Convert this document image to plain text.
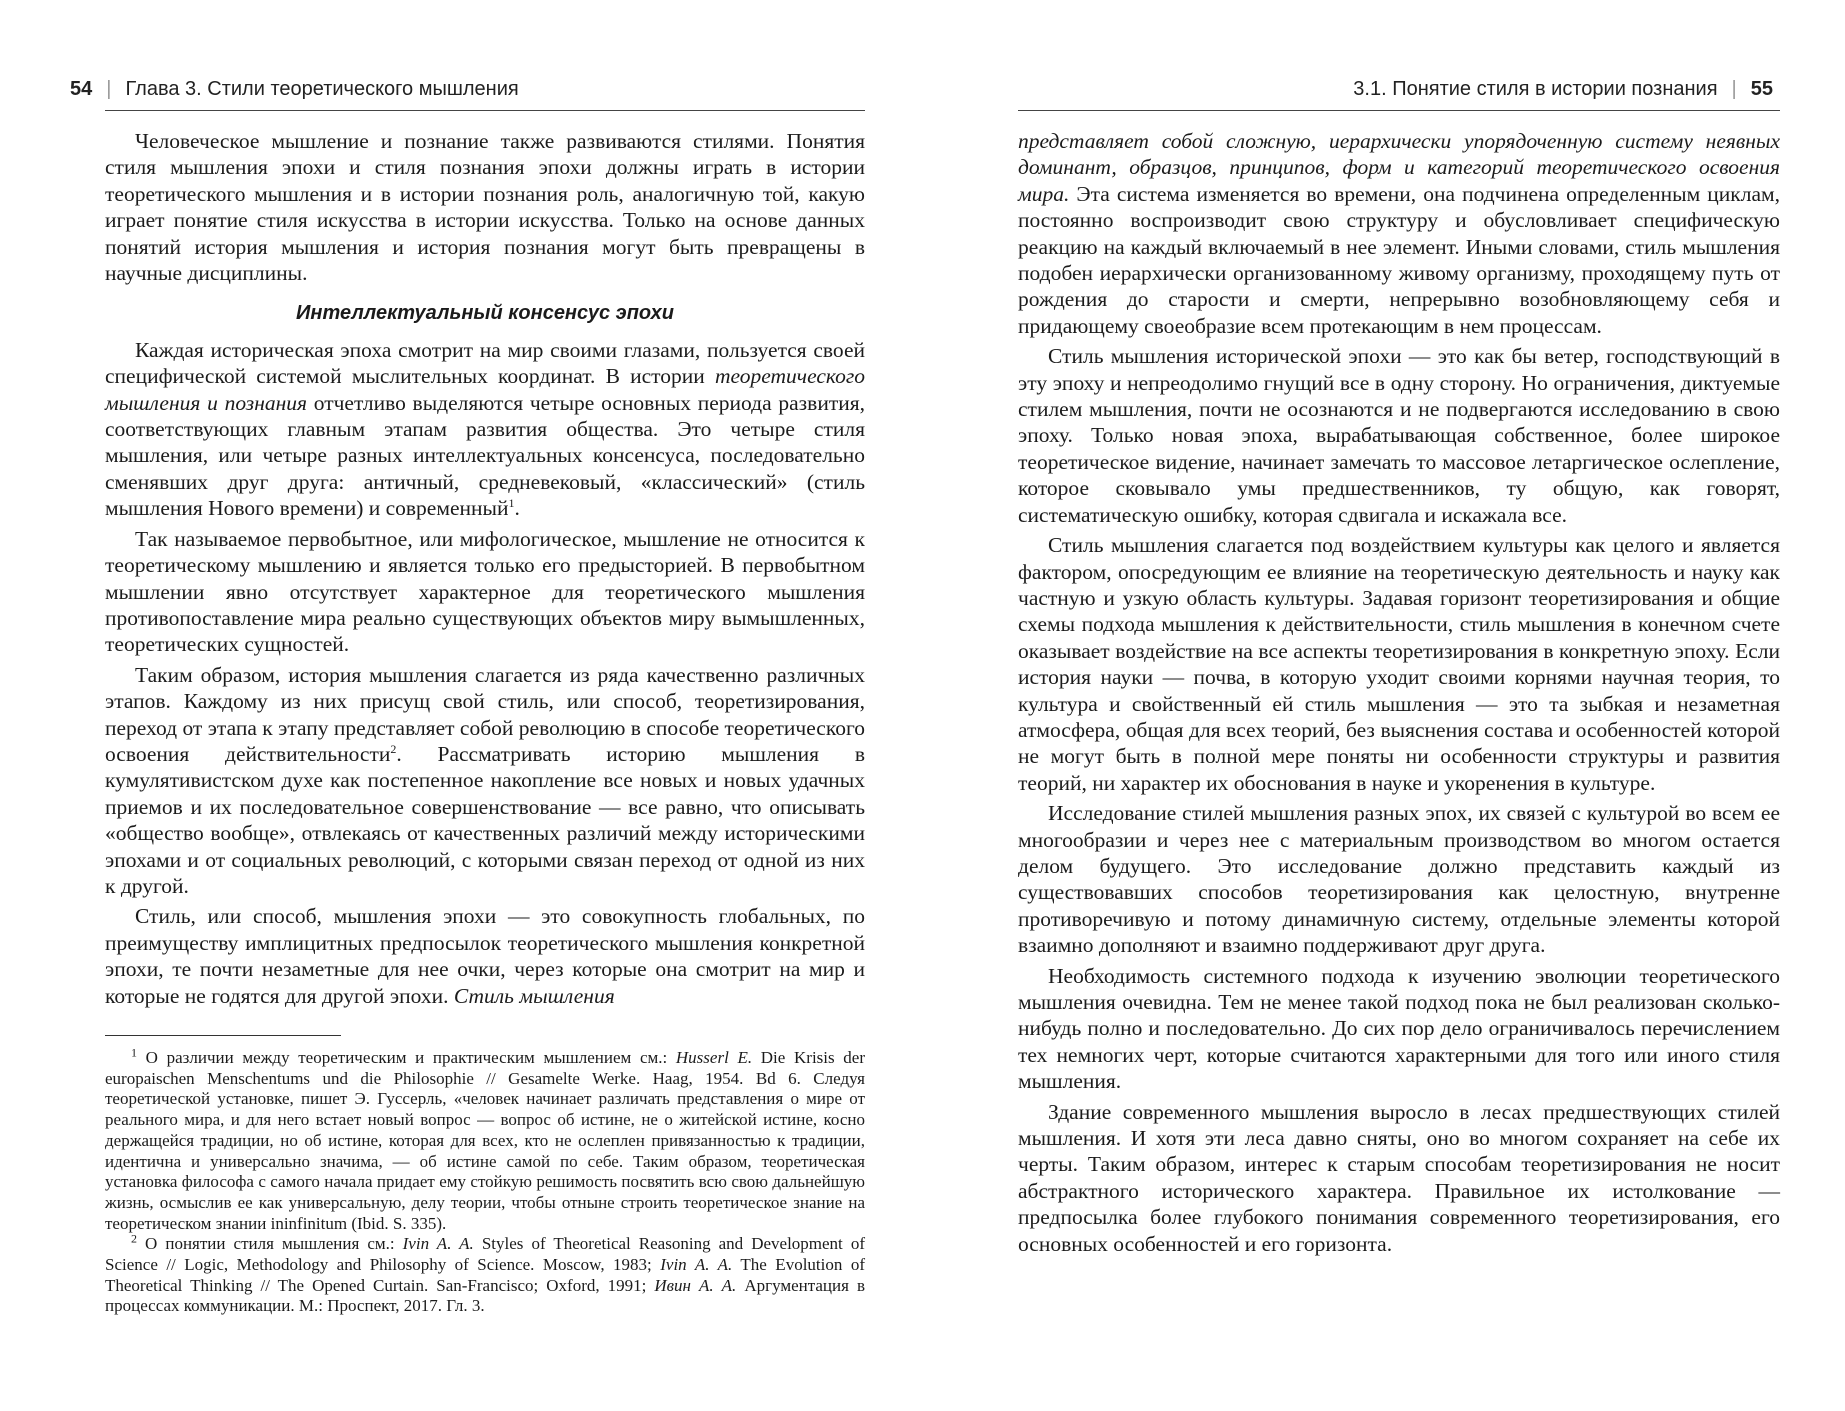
54 | Глава 3. Стили теоретического мышления

Человеческое мышление и познание также развиваются стилями. Понятия стиля мышления эпохи и стиля познания эпохи должны играть в истории теоретического мышления и в истории познания роль, аналогичную той, какую играет понятие стиля искусства в истории искусства. Только на основе данных понятий история мышления и история познания могут быть превращены в научные дисциплины.

Интеллектуальный консенсус эпохи

Каждая историческая эпоха смотрит на мир своими глазами, пользуется своей специфической системой мыслительных координат. В истории теоретического мышления и познания отчетливо выделяются четыре основных периода развития, соответствующих главным этапам развития общества. Это четыре стиля мышления, или четыре разных интеллектуальных консенсуса, последовательно сменявших друг друга: античный, средневековый, «классический» (стиль мышления Нового времени) и современный$^1$.

Так называемое первобытное, или мифологическое, мышление не относится к теоретическому мышлению и является только его предысторией. В первобытном мышлении явно отсутствует характерное для теоретического мышления противопоставление мира реально существующих объектов миру вымышленных, теоретических сущностей.

Таким образом, история мышления слагается из ряда качественно различных этапов. Каждому из них присущ свой стиль, или способ, теоретизирования, переход от этапа к этапу представляет собой революцию в способе теоретического освоения действительности$^2$. Рассматривать историю мышления в кумулятивистском духе как постепенное накопление все новых и новых удачных приемов и их последовательное совершенствование — все равно, что описывать «общество вообще», отвлекаясь от качественных различий между историческими эпохами и от социальных революций, с которыми связан переход от одной из них к другой.

Стиль, или способ, мышления эпохи — это совокупность глобальных, по преимуществу имплицитных предпосылок теоретического мышления конкретной эпохи, те почти незаметные для нее очки, через которые она смотрит на мир и которые не годятся для другой эпохи. Стиль мышления

$^1$ О различии между теоретическим и практическим мышлением см.: Husserl E. Die Krisis der europaischen Menschentums und die Philosophie // Gesamelte Werke. Haag, 1954. Bd 6. Следуя теоретической установке, пишет Э. Гуссерль, «человек начинает различать представления о мире от реального мира, и для него встает новый вопрос — вопрос об истине, не о житейской истине, косно держащейся традиции, но об истине, которая для всех, кто не ослеплен привязанностью к традиции, идентична и универсально значима, — об истине самой по себе. Таким образом, теоретическая установка философа с самого начала придает ему стойкую решимость посвятить всю свою дальнейшую жизнь, осмыслив ее как универсальную, делу теории, чтобы отныне строить теоретическое знание на теоретическом знании ininfinitum (Ibid. S. 335).

$^2$ О понятии стиля мышления см.: Ivin A. A. Styles of Theoretical Reasoning and Development of Science // Logic, Methodology and Philosophy of Science. Moscow, 1983; Ivin A. A. The Evolution of Theoretical Thinking // The Opened Curtain. San-Francisco; Oxford, 1991; Ивин А. А. Аргументация в процессах коммуникации. М.: Проспект, 2017. Гл. 3.

3.1. Понятие стиля в истории познания | 55

представляет собой сложную, иерархически упорядоченную систему неявных доминант, образцов, принципов, форм и категорий теоретического освоения мира. Эта система изменяется во времени, она подчинена определенным циклам, постоянно воспроизводит свою структуру и обусловливает специфическую реакцию на каждый включаемый в нее элемент. Иными словами, стиль мышления подобен иерархически организованному живому организму, проходящему путь от рождения до старости и смерти, непрерывно возобновляющему себя и придающему своеобразие всем протекающим в нем процессам.

Стиль мышления исторической эпохи — это как бы ветер, господствующий в эту эпоху и непреодолимо гнущий все в одну сторону. Но ограничения, диктуемые стилем мышления, почти не осознаются и не подвергаются исследованию в свою эпоху. Только новая эпоха, вырабатывающая собственное, более широкое теоретическое видение, начинает замечать то массовое летаргическое ослепление, которое сковывало умы предшественников, ту общую, как говорят, систематическую ошибку, которая сдвигала и искажала все.

Стиль мышления слагается под воздействием культуры как целого и является фактором, опосредующим ее влияние на теоретическую деятельность и науку как частную и узкую область культуры. Задавая горизонт теоретизирования и общие схемы подхода мышления к действительности, стиль мышления в конечном счете оказывает воздействие на все аспекты теоретизирования в конкретную эпоху. Если история науки — почва, в которую уходит своими корнями научная теория, то культура и свойственный ей стиль мышления — это та зыбкая и незаметная атмосфера, общая для всех теорий, без выяснения состава и особенностей которой не могут быть в полной мере поняты ни особенности структуры и развития теорий, ни характер их обоснования в науке и укоренения в культуре.

Исследование стилей мышления разных эпох, их связей с культурой во всем ее многообразии и через нее с материальным производством во многом остается делом будущего. Это исследование должно представить каждый из существовавших способов теоретизирования как целостную, внутренне противоречивую и потому динамичную систему, отдельные элементы которой взаимно дополняют и взаимно поддерживают друг друга.

Необходимость системного подхода к изучению эволюции теоретического мышления очевидна. Тем не менее такой подход пока не был реализован сколько-нибудь полно и последовательно. До сих пор дело ограничивалось перечислением тех немногих черт, которые считаются характерными для того или иного стиля мышления.

Здание современного мышления выросло в лесах предшествующих стилей мышления. И хотя эти леса давно сняты, оно во многом сохраняет на себе их черты. Таким образом, интерес к старым способам теоретизирования не носит абстрактного исторического характера. Правильное их истолкование — предпосылка более глубокого понимания современного теоретизирования, его основных особенностей и его горизонта.
